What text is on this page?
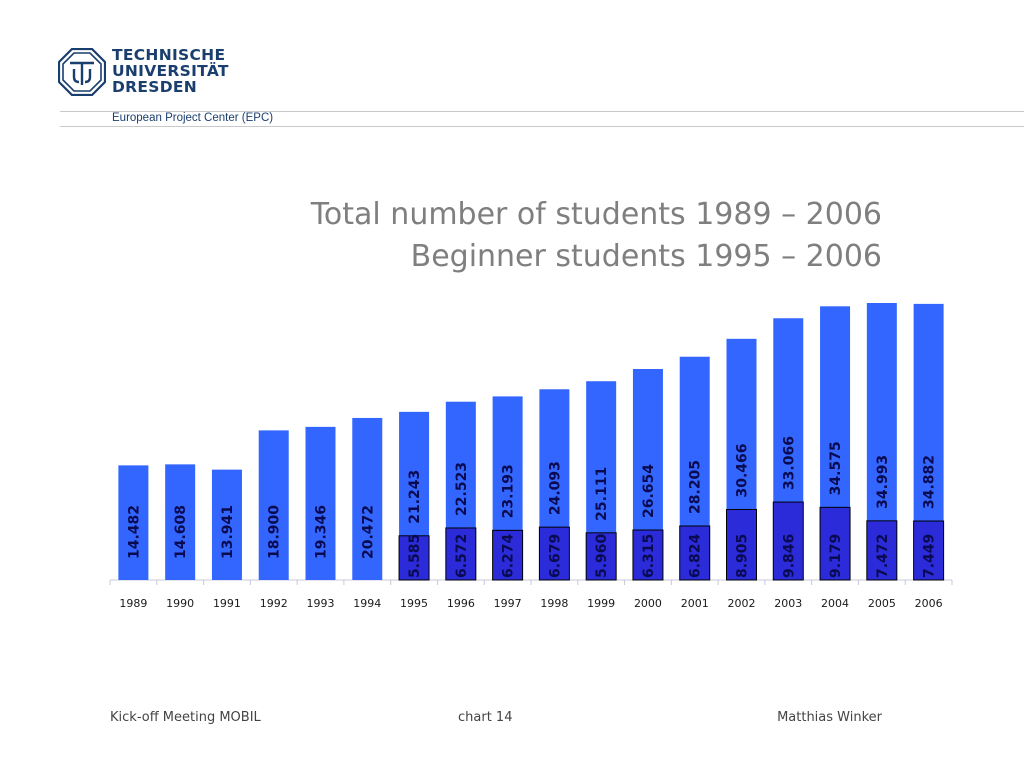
TECHNISCHE
UNIVERSITÄT
DRESDEN
European Project Center (EPC)
Total number of students 1989 – 2006
Beginner students 1995 – 2006
14.482
1989
14.608
1990
13.941
1991
18.900
1992
19.346
1993
20.472
1994
5.585
21.243
1995
6.572
22.523
1996
6.274
23.193
1997
6.679
24.093
1998
5.960
25.111
1999
6.315
26.654
2000
6.824
28.205
2001
8.905
30.466
2002
9.846
33.066
2003
9.179
34.575
2004
7.472
34.993
2005
7.449
34.882
2006
Kick-off Meeting MOBIL	chart 14	Matthias Winker
